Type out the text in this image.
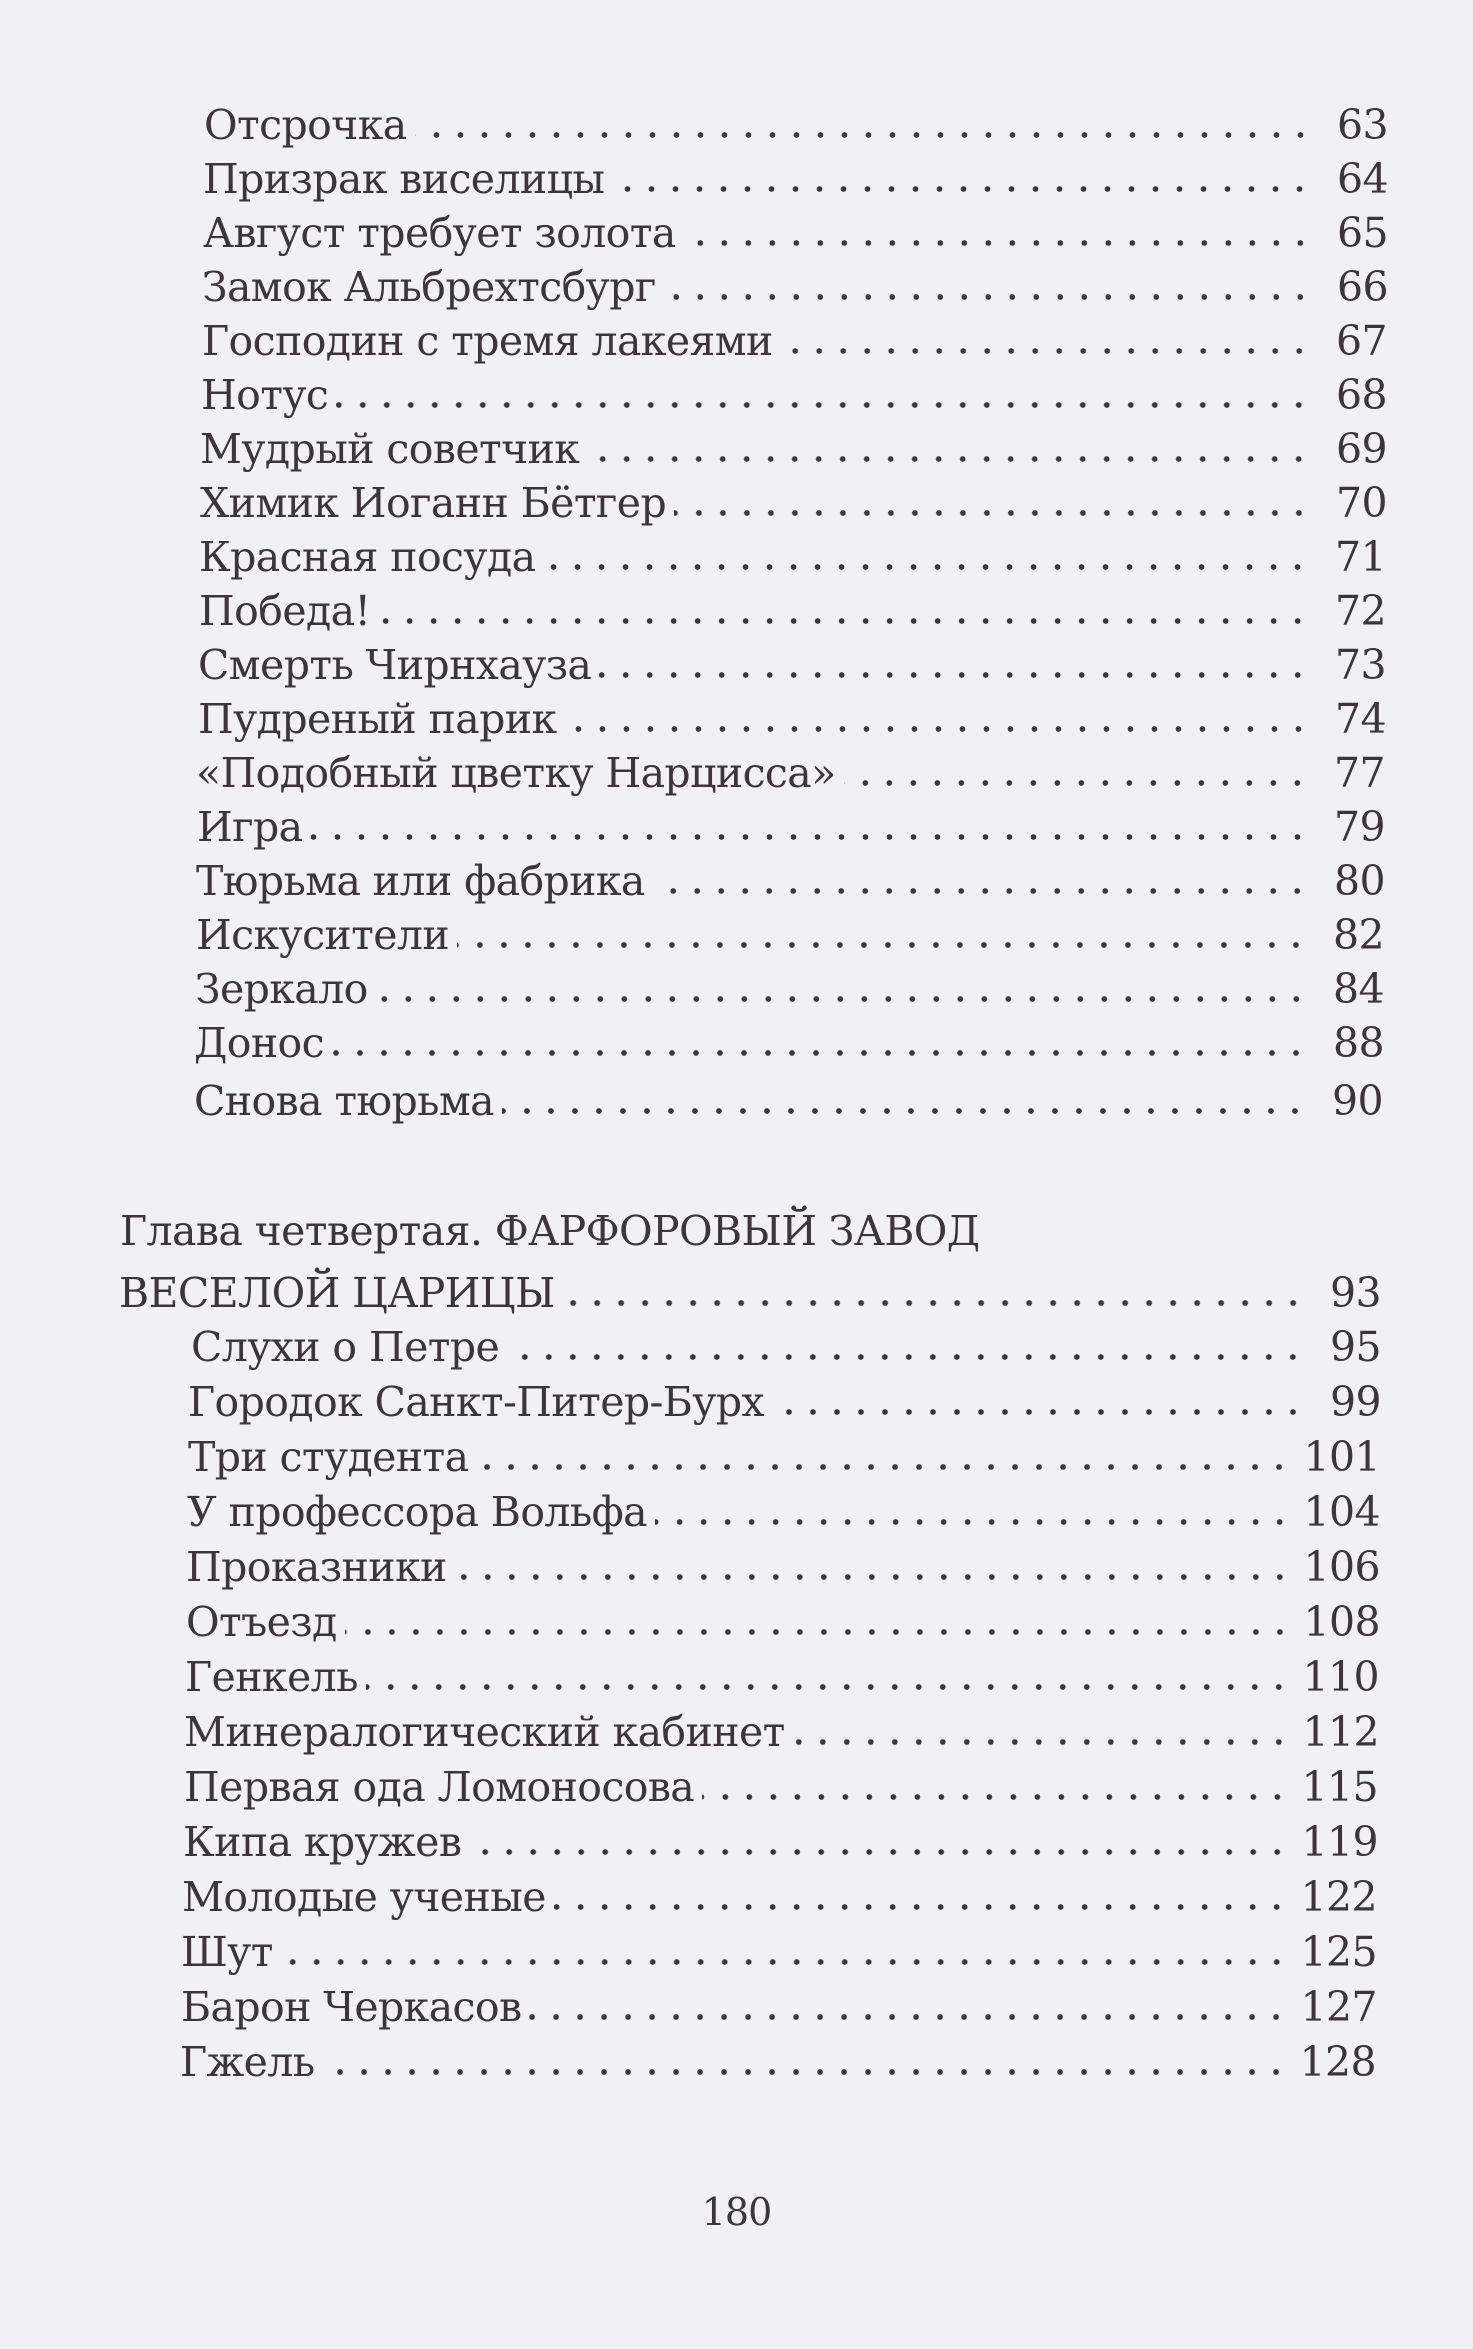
Отсрочка	63
Призрак виселицы	64
Август требует золота	65
Замок Альбрехтсбург	66
Господин с тремя лакеями	67
Нотус	68
Мудрый советчик	69
Химик Иоганн Бётгер	70
Красная посуда	71
Победа!	72
Смерть Чирнхауза	73
Пудреный парик	74
«Подобный цветку Нарцисса»	77
Игра	79
Тюрьма или фабрика	80
Искусители	82
Зеркало	84
Донос	88
Снова тюрьма	90
Глава четвертая. ФАРФОРОВЫЙ ЗАВОД
ВЕСЕЛОЙ ЦАРИЦЫ	93
Слухи о Петре	95
Городок Санкт-Питер-Бурх	99
Три студента	101
У профессора Вольфа	104
Проказники	106
Отъезд	108
Генкель	110
Минералогический кабинет	112
Первая ода Ломоносова	115
Кипа кружев	119
Молодые ученые	122
Шут	125
Барон Черкасов	127
Гжель	128
180
